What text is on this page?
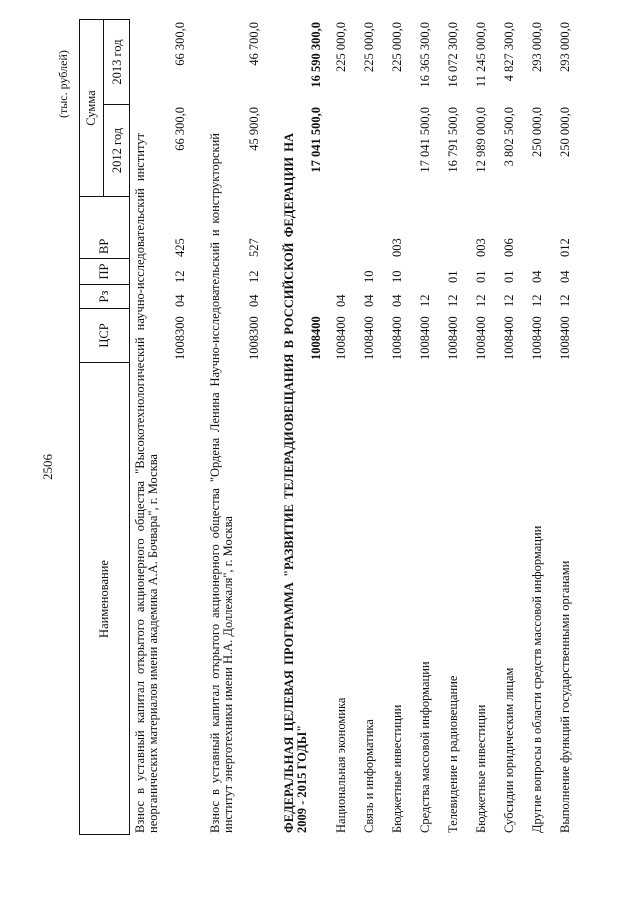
2506
(тыс. рублей)
Наименование
ЦСР
Рз
ПР
ВР
Сумма
2012 год
2013 год
Взнос в уставный капитал открытого акционерного общества "Высокотехнологический научно-исследовательский институт неорганических материалов имени академика А.А. Бочвара", г. Москва
1008300
04
12
425
66 300,0
66 300,0
Взнос в уставный капитал открытого акционерного общества "Ордена Ленина Научно-исследовательский и конструкторский институт энерготехники имени Н.А. Доллежаля", г. Москва
1008300
04
12
527
45 900,0
46 700,0
ФЕДЕРАЛЬНАЯ ЦЕЛЕВАЯ ПРОГРАММА "РАЗВИТИЕ ТЕЛЕРАДИОВЕЩАНИЯ В РОССИЙСКОЙ ФЕДЕРАЦИИ НА 2009 - 2015 ГОДЫ"
1008400
17 041 500,0
16 590 300,0
Национальная экономика
1008400
04
225 000,0
Связь и информатика
1008400
04
10
225 000,0
Бюджетные инвестиции
1008400
04
10
003
225 000,0
Средства массовой информации
1008400
12
17 041 500,0
16 365 300,0
Телевидение и радиовещание
1008400
12
01
16 791 500,0
16 072 300,0
Бюджетные инвестиции
1008400
12
01
003
12 989 000,0
11 245 000,0
Субсидии юридическим лицам
1008400
12
01
006
3 802 500,0
4 827 300,0
Другие вопросы в области средств массовой информации
1008400
12
04
250 000,0
293 000,0
Выполнение функций государственными органами
1008400
12
04
012
250 000,0
293 000,0
